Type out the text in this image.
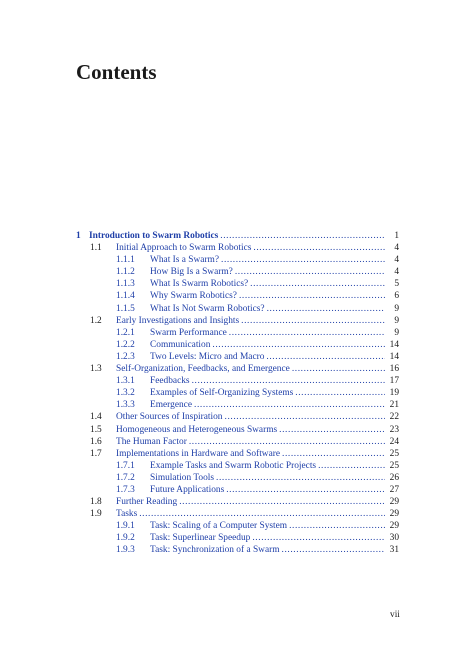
Contents
1 Introduction to Swarm Robotics .....	1
1.1 Initial Approach to Swarm Robotics .....	4
1.1.1 What Is a Swarm? .....	4
1.1.2 How Big Is a Swarm? .....	4
1.1.3 What Is Swarm Robotics? .....	5
1.1.4 Why Swarm Robotics? .....	6
1.1.5 What Is Not Swarm Robotics? .....	9
1.2 Early Investigations and Insights .....	9
1.2.1 Swarm Performance .....	9
1.2.2 Communication .....	14
1.2.3 Two Levels: Micro and Macro .....	14
1.3 Self-Organization, Feedbacks, and Emergence .....	16
1.3.1 Feedbacks .....	17
1.3.2 Examples of Self-Organizing Systems .....	19
1.3.3 Emergence .....	21
1.4 Other Sources of Inspiration .....	22
1.5 Homogeneous and Heterogeneous Swarms .....	23
1.6 The Human Factor .....	24
1.7 Implementations in Hardware and Software .....	25
1.7.1 Example Tasks and Swarm Robotic Projects .....	25
1.7.2 Simulation Tools .....	26
1.7.3 Future Applications .....	27
1.8 Further Reading .....	29
1.9 Tasks .....	29
1.9.1 Task: Scaling of a Computer System .....	29
1.9.2 Task: Superlinear Speedup .....	30
1.9.3 Task: Synchronization of a Swarm .....	31
vii
